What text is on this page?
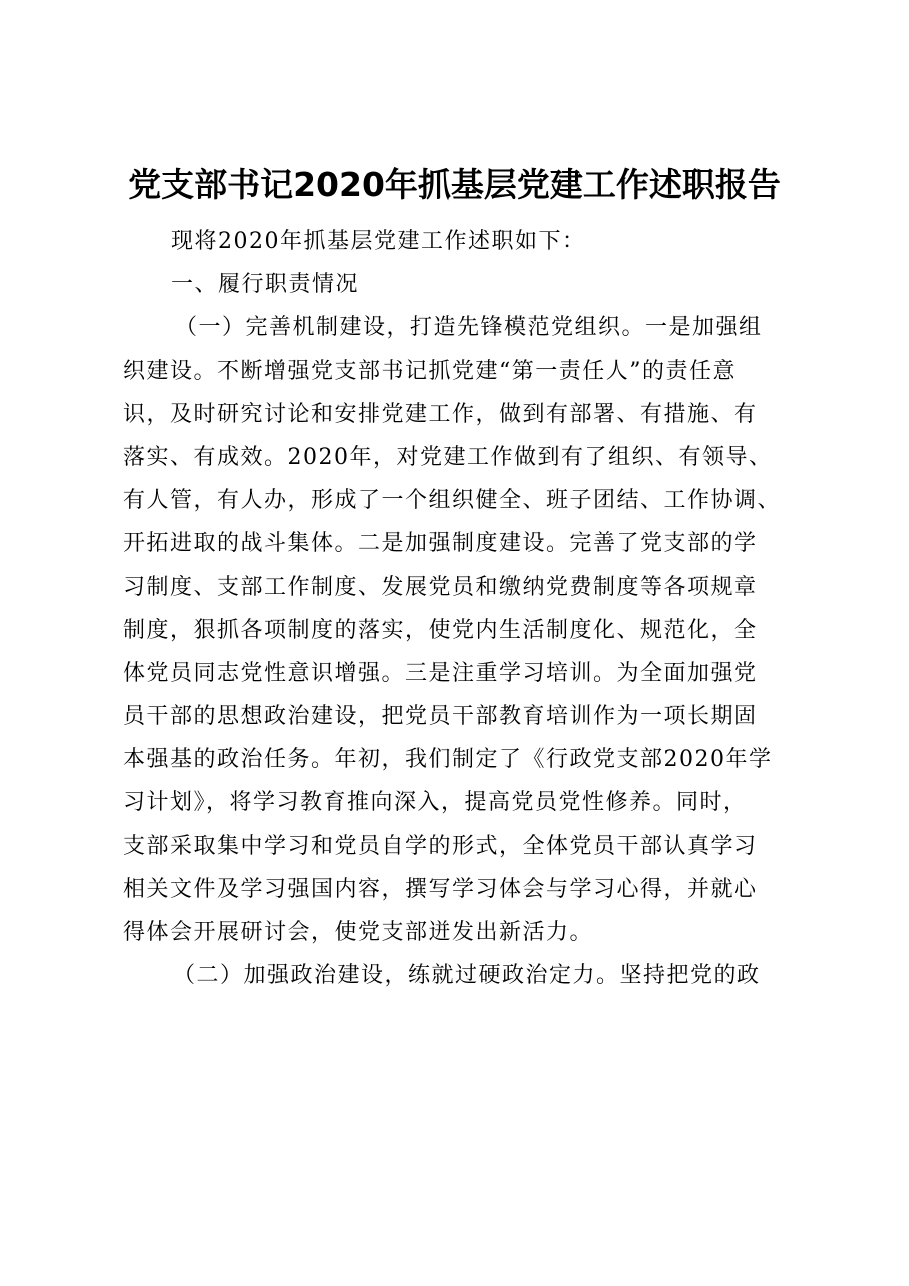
党支部书记2020年抓基层党建工作述职报告
现将2020年抓基层党建工作述职如下：
一、履行职责情况
（一）完善机制建设，打造先锋模范党组织。一是加强组
织建设。不断增强党支部书记抓党建“第一责任人”的责任意
识，及时研究讨论和安排党建工作，做到有部署、有措施、有
落实、有成效。2020年，对党建工作做到有了组织、有领导、
有人管，有人办，形成了一个组织健全、班子团结、工作协调、
开拓进取的战斗集体。二是加强制度建设。完善了党支部的学
习制度、支部工作制度、发展党员和缴纳党费制度等各项规章
制度，狠抓各项制度的落实，使党内生活制度化、规范化，全
体党员同志党性意识增强。三是注重学习培训。为全面加强党
员干部的思想政治建设，把党员干部教育培训作为一项长期固
本强基的政治任务。年初，我们制定了《行政党支部2020年学
习计划》，将学习教育推向深入，提高党员党性修养。同时，
支部采取集中学习和党员自学的形式，全体党员干部认真学习
相关文件及学习强国内容，撰写学习体会与学习心得，并就心
得体会开展研讨会，使党支部迸发出新活力。
（二）加强政治建设，练就过硬政治定力。坚持把党的政
